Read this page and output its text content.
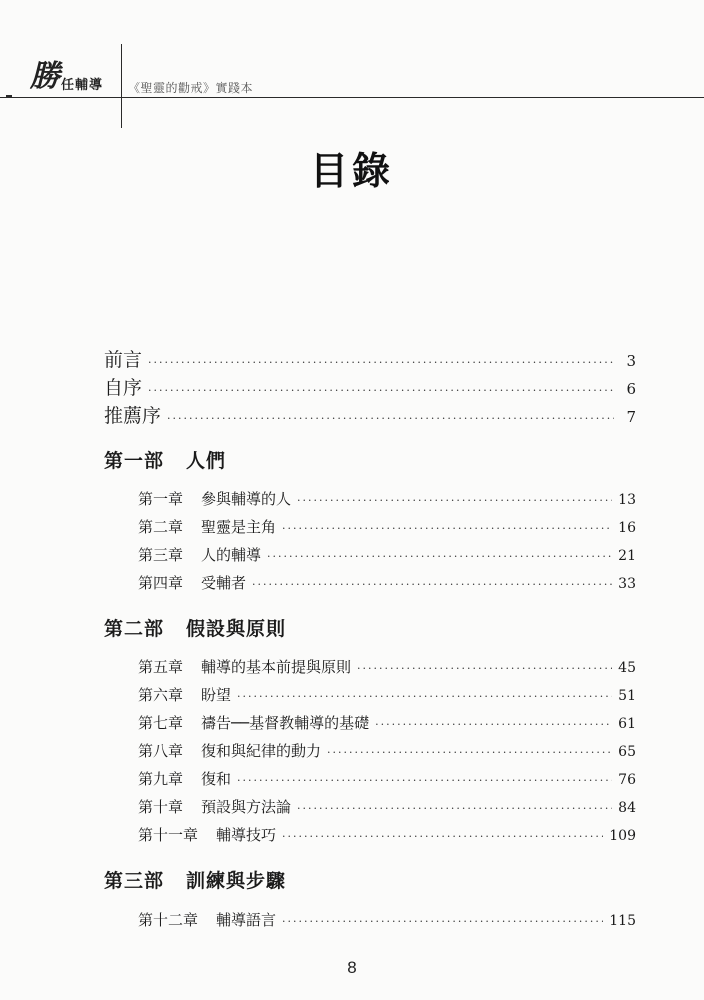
勝任輔導 《聖靈的勸戒》實踐本
目錄
前言 ·····	3
自序 ·····	6
推薦序 ·····	7
第一部 人們
第一章 參與輔導的人 ·····	13
第二章 聖靈是主角 ·····	16
第三章 人的輔導 ·····	21
第四章 受輔者 ·····	33
第二部 假設與原則
第五章 輔導的基本前提與原則 ·····	45
第六章 盼望 ·····	51
第七章 禱告──基督教輔導的基礎 ·····	61
第八章 復和與紀律的動力 ·····	65
第九章 復和 ·····	76
第十章 預設與方法論 ·····	84
第十一章 輔導技巧 ·····	109
第三部 訓練與步驟
第十二章 輔導語言 ·····	115
8
